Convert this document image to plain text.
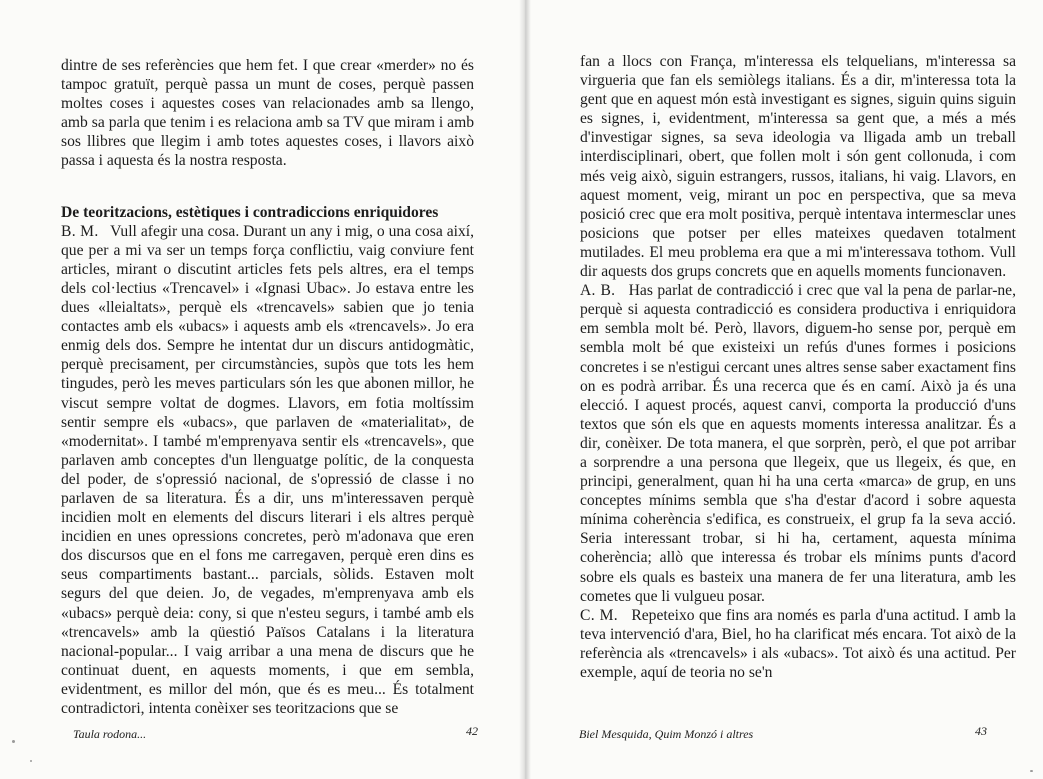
dintre de ses referències que hem fet. I que crear «merder» no és tampoc gratuït, perquè passa un munt de coses, perquè passen moltes coses i aquestes coses van relacionades amb sa llengo, amb sa parla que tenim i es relaciona amb sa TV que miram i amb sos llibres que llegim i amb totes aquestes coses, i llavors això passa i aquesta és la nostra resposta.

De teoritzacions, estètiques i contradiccions enriquidores

B. M. Vull afegir una cosa. Durant un any i mig, o una cosa així, que per a mi va ser un temps força conflictiu, vaig conviure fent articles, mirant o discutint articles fets pels altres, era el temps dels col·lectius «Trencavel» i «Ignasi Ubac». Jo estava entre les dues «lleialtats», perquè els «trencavels» sabien que jo tenia contactes amb els «ubacs» i aquests amb els «trencavels». Jo era enmig dels dos. Sempre he intentat dur un discurs antidogmàtic, perquè precisament, per circumstàncies, supòs que tots les hem tingudes, però les meves particulars són les que abonen millor, he viscut sempre voltat de dogmes. Llavors, em fotia moltíssim sentir sempre els «ubacs», que parlaven de «materialitat», de «modernitat». I també m'emprenyava sentir els «trencavels», que parlaven amb conceptes d'un llenguatge polític, de la conquesta del poder, de s'opressió nacional, de s'opressió de classe i no parlaven de sa literatura. És a dir, uns m'interessaven perquè incidien molt en elements del discurs literari i els altres perquè incidien en unes opressions concretes, però m'adonava que eren dos discursos que en el fons me carregaven, perquè eren dins es seus compartiments bastant... parcials, sòlids. Estaven molt segurs del que deien. Jo, de vegades, m'emprenyava amb els «ubacs» perquè deia: cony, si que n'esteu segurs, i també amb els «trencavels» amb la qüestió Països Catalans i la literatura nacional-popular... I vaig arribar a una mena de discurs que he continuat duent, en aquests moments, i que em sembla, evidentment, es millor del món, que és es meu... És totalment contradictori, intenta conèixer ses teoritzacions que se

Taula rodona...	42

fan a llocs con França, m'interessa els telquelians, m'interessa sa virgueria que fan els semiòlegs italians. És a dir, m'interessa tota la gent que en aquest món està investigant es signes, siguin quins siguin es signes, i, evidentment, m'interessa sa gent que, a més a més d'investigar signes, sa seva ideologia va lligada amb un treball interdisciplinari, obert, que follen molt i són gent collonuda, i com més veig això, siguin estrangers, russos, italians, hi vaig. Llavors, en aquest moment, veig, mirant un poc en perspectiva, que sa meva posició crec que era molt positiva, perquè intentava intermesclar unes posicions que potser per elles mateixes quedaven totalment mutilades. El meu problema era que a mi m'interessava tothom. Vull dir aquests dos grups concrets que en aquells moments funcionaven.

A. B. Has parlat de contradicció i crec que val la pena de parlar-ne, perquè si aquesta contradicció es considera productiva i enriquidora em sembla molt bé. Però, llavors, diguem-ho sense por, perquè em sembla molt bé que existeixi un refús d'unes formes i posicions concretes i se n'estigui cercant unes altres sense saber exactament fins on es podrà arribar. És una recerca que és en camí. Això ja és una elecció. I aquest procés, aquest canvi, comporta la producció d'uns textos que són els que en aquests moments interessa analitzar. És a dir, conèixer. De tota manera, el que sorprèn, però, el que pot arribar a sorprendre a una persona que llegeix, que us llegeix, és que, en principi, generalment, quan hi ha una certa «marca» de grup, en uns conceptes mínims sembla que s'ha d'estar d'acord i sobre aquesta mínima coherència s'edifica, es construeix, el grup fa la seva acció. Seria interessant trobar, si hi ha, certament, aquesta mínima coherència; allò que interessa és trobar els mínims punts d'acord sobre els quals es basteix una manera de fer una literatura, amb les cometes que li vulgueu posar.

C. M. Repeteixo que fins ara només es parla d'una actitud. I amb la teva intervenció d'ara, Biel, ho ha clarificat més encara. Tot això de la referència als «trencavels» i als «ubacs». Tot això és una actitud. Per exemple, aquí de teoria no se'n

Biel Mesquida, Quim Monzó i altres	43
